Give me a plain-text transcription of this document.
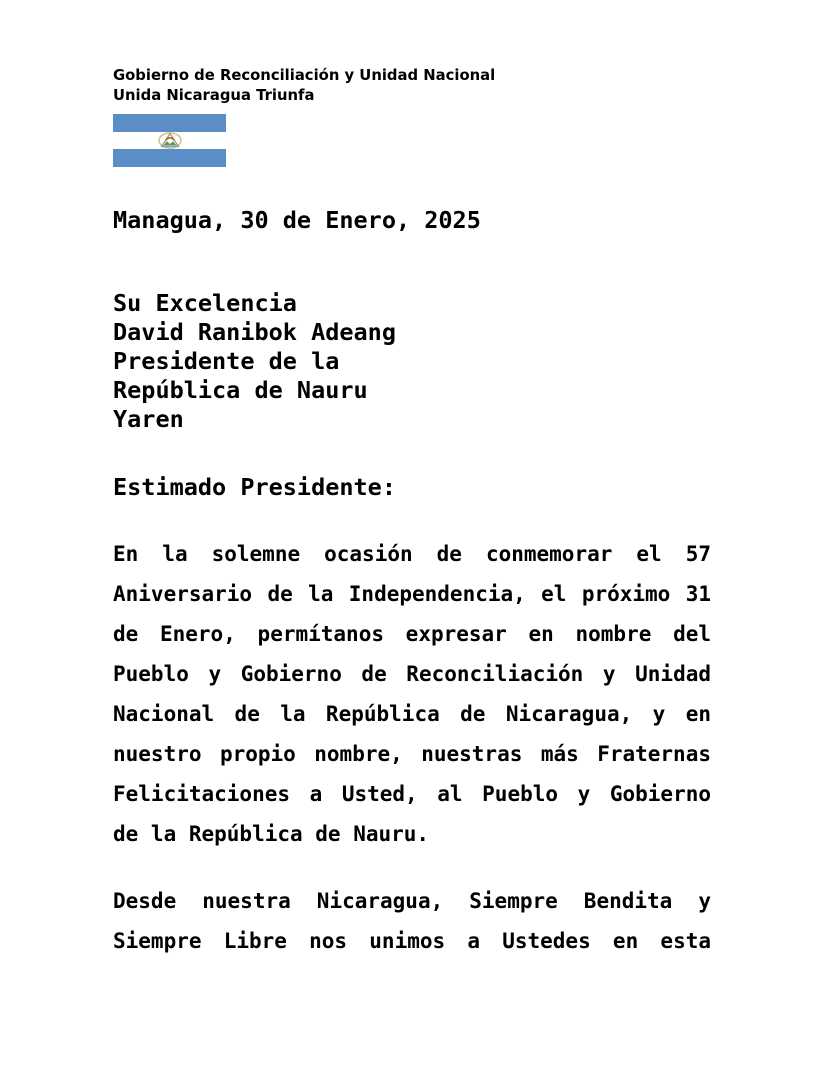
Gobierno de Reconciliación y Unidad Nacional
Unida Nicaragua Triunfa
Managua, 30 de Enero, 2025
Su Excelencia
David Ranibok Adeang
Presidente de la
República de Nauru
Yaren
Estimado Presidente:
En la solemne ocasión de conmemorar el 57
Aniversario de la Independencia, el próximo 31
de Enero, permítanos expresar en nombre del
Pueblo y Gobierno de Reconciliación y Unidad
Nacional de la República de Nicaragua, y en
nuestro propio nombre, nuestras más Fraternas
Felicitaciones a Usted, al Pueblo y Gobierno
de la República de Nauru.
Desde nuestra Nicaragua, Siempre Bendita y
Siempre Libre nos unimos a Ustedes en esta
